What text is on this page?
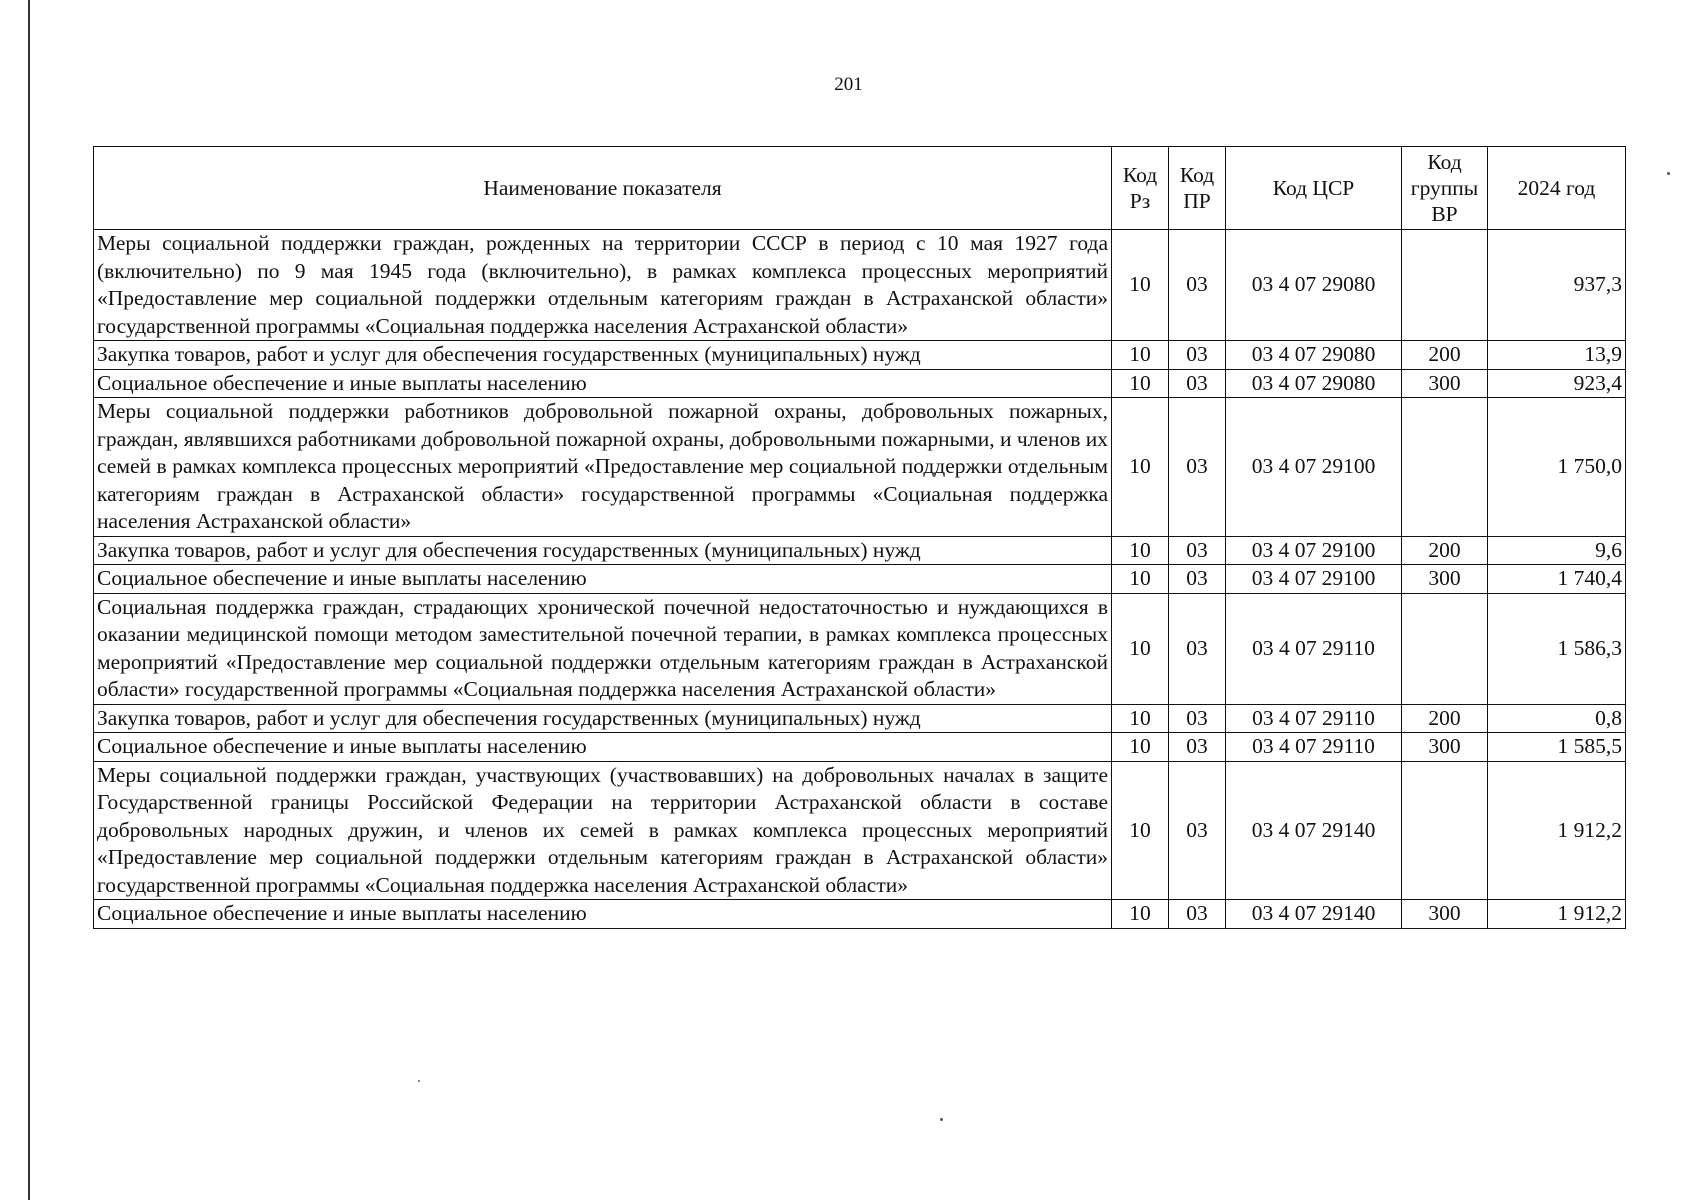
201
Наименование показателя	Код Рз	Код ПР	Код ЦСР	Код группы ВР	2024 год
Меры социальной поддержки граждан, рожденных на территории СССР в период с 10 мая 1927 года (включительно) по 9 мая 1945 года (включительно), в рамках комплекса процессных мероприятий «Предоставление мер социальной поддержки отдельным категориям граждан в Астраханской области» государственной программы «Социальная поддержка населения Астраханской области»	10	03	03 4 07 29080		937,3
Закупка товаров, работ и услуг для обеспечения государственных (муниципальных) нужд	10	03	03 4 07 29080	200	13,9
Социальное обеспечение и иные выплаты населению	10	03	03 4 07 29080	300	923,4
Меры социальной поддержки работников добровольной пожарной охраны, добровольных пожарных, граждан, являвшихся работниками добровольной пожарной охраны, добровольными пожарными, и членов их семей в рамках комплекса процессных мероприятий «Предоставление мер социальной поддержки отдельным категориям граждан в Астраханской области» государственной программы «Социальная поддержка населения Астраханской области»	10	03	03 4 07 29100		1 750,0
Закупка товаров, работ и услуг для обеспечения государственных (муниципальных) нужд	10	03	03 4 07 29100	200	9,6
Социальное обеспечение и иные выплаты населению	10	03	03 4 07 29100	300	1 740,4
Социальная поддержка граждан, страдающих хронической почечной недостаточностью и нуждающихся в оказании медицинской помощи методом заместительной почечной терапии, в рамках комплекса процессных мероприятий «Предоставление мер социальной поддержки отдельным категориям граждан в Астраханской области» государственной программы «Социальная поддержка населения Астраханской области»	10	03	03 4 07 29110		1 586,3
Закупка товаров, работ и услуг для обеспечения государственных (муниципальных) нужд	10	03	03 4 07 29110	200	0,8
Социальное обеспечение и иные выплаты населению	10	03	03 4 07 29110	300	1 585,5
Меры социальной поддержки граждан, участвующих (участвовавших) на добровольных началах в защите Государственной границы Российской Федерации на территории Астраханской области в составе добровольных народных дружин, и членов их семей в рамках комплекса процессных мероприятий «Предоставление мер социальной поддержки отдельным категориям граждан в Астраханской области» государственной программы «Социальная поддержка населения Астраханской области»	10	03	03 4 07 29140		1 912,2
Социальное обеспечение и иные выплаты населению	10	03	03 4 07 29140	300	1 912,2
